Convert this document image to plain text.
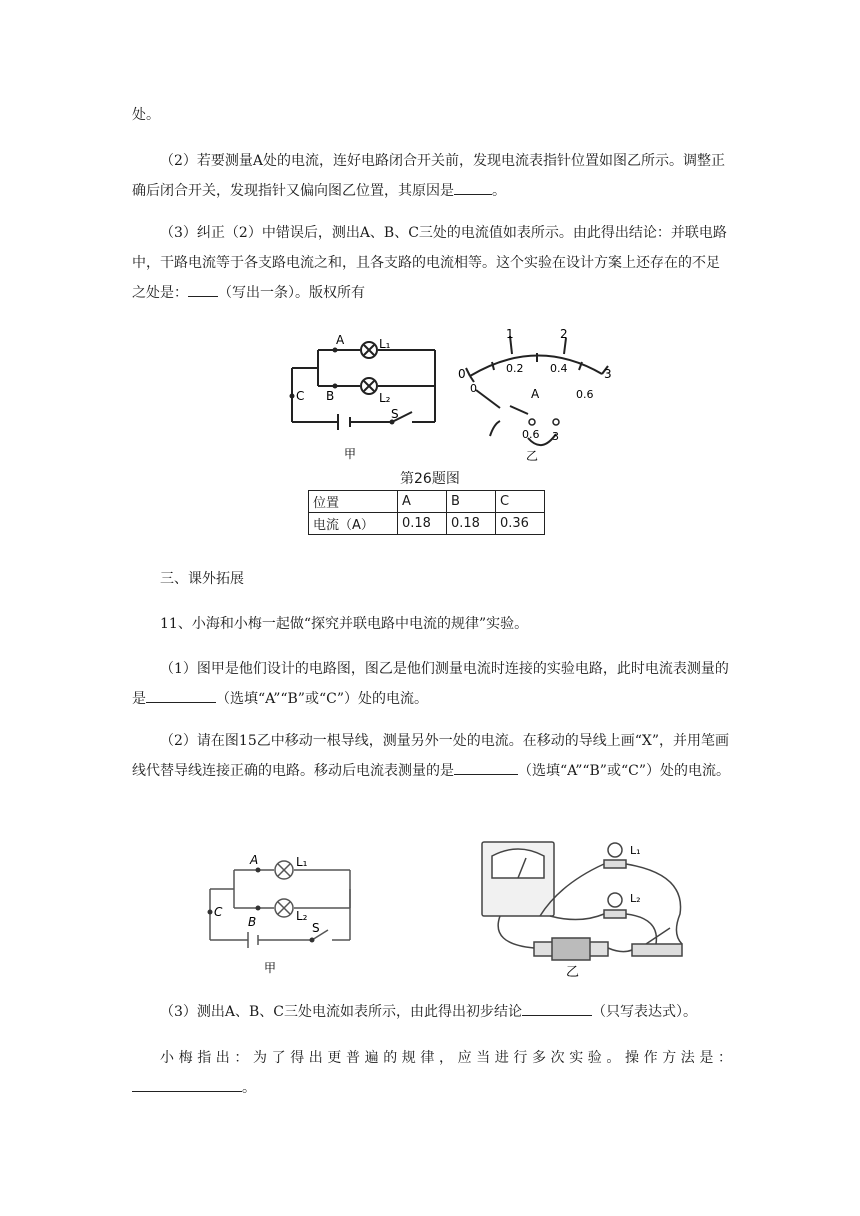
处。

（2）若要测量A处的电流，连好电路闭合开关前，发现电流表指针位置如图乙所示。调整正确后闭合开关，发现指针又偏向图乙位置，其原因是	。

（3）纠正（2）中错误后，测出A、B、C三处的电流值如表所示。由此得出结论：并联电路中，干路电流等于各支路电流之和，且各支路的电流相等。这个实验在设计方案上还存在的不足之处是： （写出一条）。版权所有

A
B
C
L₁
L₂
S
甲
0
1	2
3
0
0.2 0.4
0.6
A
0.6 3
乙
第26题图
位置	A	B	C
电流（A）	0.18	0.18	0.36

三、课外拓展

11、小海和小梅一起做“探究并联电路中电流的规律”实验。

（1）图甲是他们设计的电路图，图乙是他们测量电流时连接的实验电路，此时电流表测量的是	（选填“A”“B”或“C”）处的电流。

（2）请在图15乙中移动一根导线，测量另外一处的电流。在移动的导线上画“X”，并用笔画线代替导线连接正确的电路。移动后电流表测量的是	（选填“A”“B”或“C”）处的电流。

A
B
C
L₁
L₂
S
甲
L₁
L₂
乙

（3）测出A、B、C三处电流如表所示，由此得出初步结论	（只写表达式）。

小梅指出：为了得出更普遍的规律，应当进行多次实验。操作方法是：

。
